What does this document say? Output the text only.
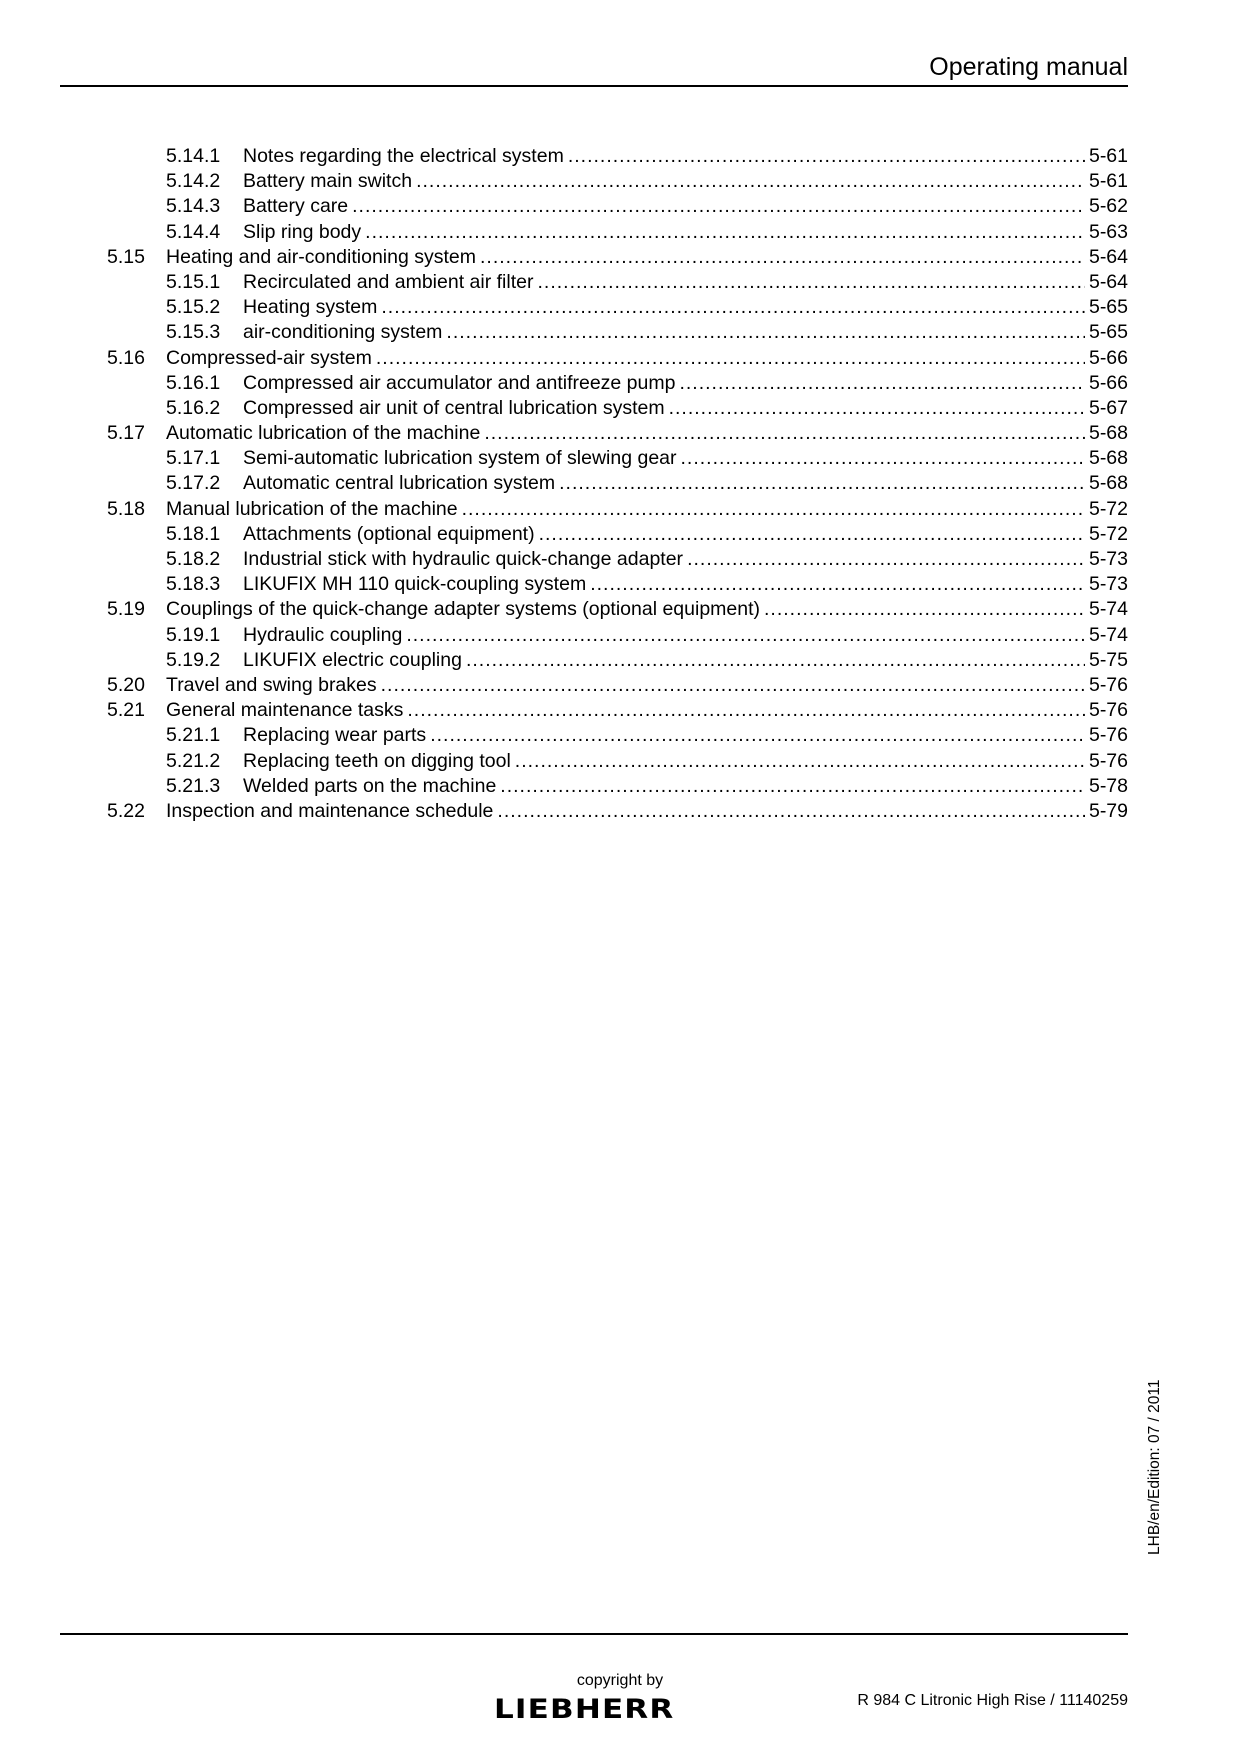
Operating manual
5.14.1	Notes regarding the electrical system .....	5-61
5.14.2	Battery main switch .....	5-61
5.14.3	Battery care .....	5-62
5.14.4	Slip ring body .....	5-63
5.15	Heating and air-conditioning system .....	5-64
5.15.1	Recirculated and ambient air filter .....	5-64
5.15.2	Heating system .....	5-65
5.15.3	air-conditioning system .....	5-65
5.16	Compressed-air system .....	5-66
5.16.1	Compressed air accumulator and antifreeze pump .....	5-66
5.16.2	Compressed air unit of central lubrication system .....	5-67
5.17	Automatic lubrication of the machine .....	5-68
5.17.1	Semi-automatic lubrication system of slewing gear .....	5-68
5.17.2	Automatic central lubrication system .....	5-68
5.18	Manual lubrication of the machine .....	5-72
5.18.1	Attachments (optional equipment) .....	5-72
5.18.2	Industrial stick with hydraulic quick-change adapter .....	5-73
5.18.3	LIKUFIX MH 110 quick-coupling system .....	5-73
5.19	Couplings of the quick-change adapter systems (optional equipment) .....	5-74
5.19.1	Hydraulic coupling .....	5-74
5.19.2	LIKUFIX electric coupling .....	5-75
5.20	Travel and swing brakes .....	5-76
5.21	General maintenance tasks .....	5-76
5.21.1	Replacing wear parts .....	5-76
5.21.2	Replacing teeth on digging tool .....	5-76
5.21.3	Welded parts on the machine .....	5-78
5.22	Inspection and maintenance schedule .....	5-79
LHB/en/Edition: 07 / 2011
copyright by
LIEBHERR	R 984 C Litronic High Rise / 11140259
